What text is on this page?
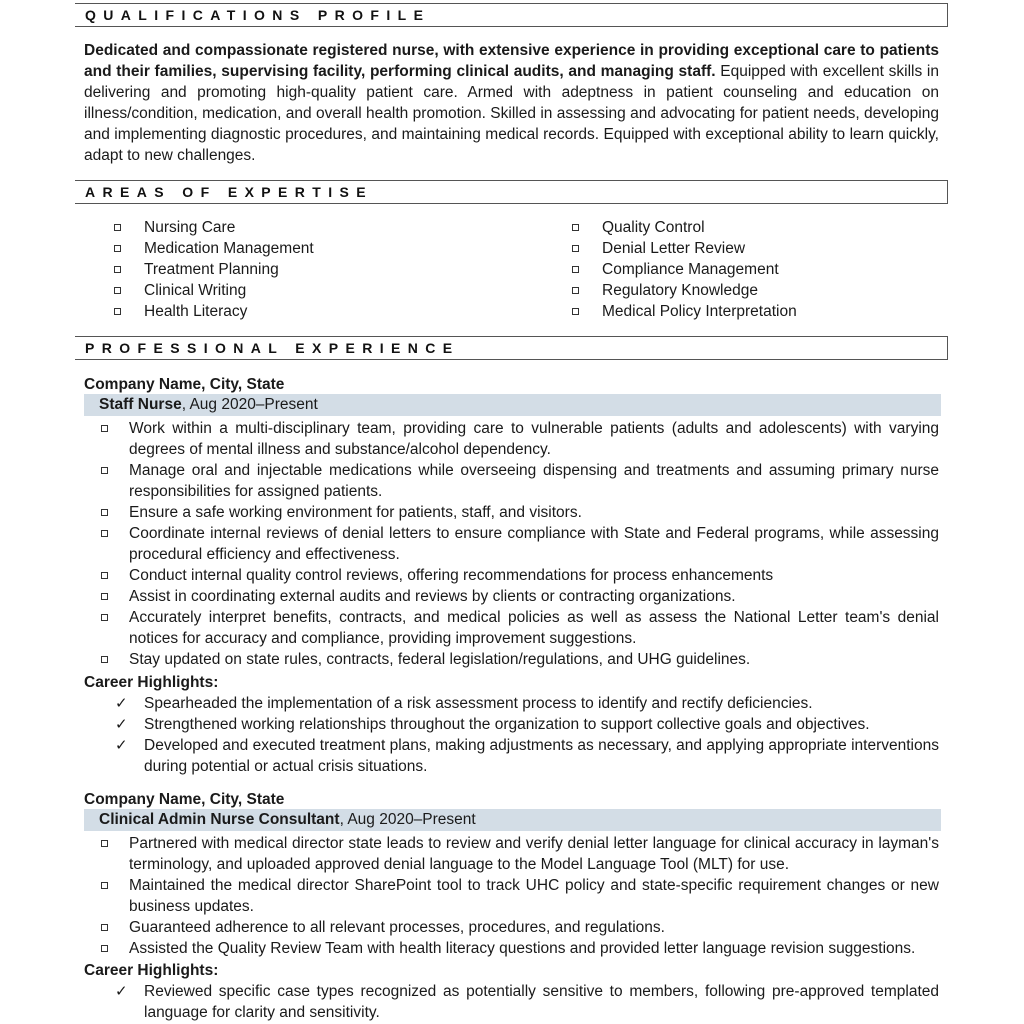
QUALIFICATIONS PROFILE
Dedicated and compassionate registered nurse, with extensive experience in providing exceptional care to patients and their families, supervising facility, performing clinical audits, and managing staff. Equipped with excellent skills in delivering and promoting high-quality patient care. Armed with adeptness in patient counseling and education on illness/condition, medication, and overall health promotion. Skilled in assessing and advocating for patient needs, developing and implementing diagnostic procedures, and maintaining medical records. Equipped with exceptional ability to learn quickly, adapt to new challenges.
AREAS OF EXPERTISE
Nursing Care
Medication Management
Treatment Planning
Clinical Writing
Health Literacy
Quality Control
Denial Letter Review
Compliance Management
Regulatory Knowledge
Medical Policy Interpretation
PROFESSIONAL EXPERIENCE
Company Name, City, State
Staff Nurse, Aug 2020–Present
Work within a multi-disciplinary team, providing care to vulnerable patients (adults and adolescents) with varying degrees of mental illness and substance/alcohol dependency.
Manage oral and injectable medications while overseeing dispensing and treatments and assuming primary nurse responsibilities for assigned patients.
Ensure a safe working environment for patients, staff, and visitors.
Coordinate internal reviews of denial letters to ensure compliance with State and Federal programs, while assessing procedural efficiency and effectiveness.
Conduct internal quality control reviews, offering recommendations for process enhancements
Assist in coordinating external audits and reviews by clients or contracting organizations.
Accurately interpret benefits, contracts, and medical policies as well as assess the National Letter team's denial notices for accuracy and compliance, providing improvement suggestions.
Stay updated on state rules, contracts, federal legislation/regulations, and UHG guidelines.
Career Highlights:
✓ Spearheaded the implementation of a risk assessment process to identify and rectify deficiencies.
✓ Strengthened working relationships throughout the organization to support collective goals and objectives.
✓ Developed and executed treatment plans, making adjustments as necessary, and applying appropriate interventions during potential or actual crisis situations.
Company Name, City, State
Clinical Admin Nurse Consultant, Aug 2020–Present
Partnered with medical director state leads to review and verify denial letter language for clinical accuracy in layman's terminology, and uploaded approved denial language to the Model Language Tool (MLT) for use.
Maintained the medical director SharePoint tool to track UHC policy and state-specific requirement changes or new business updates.
Guaranteed adherence to all relevant processes, procedures, and regulations.
Assisted the Quality Review Team with health literacy questions and provided letter language revision suggestions.
Career Highlights:
✓ Reviewed specific case types recognized as potentially sensitive to members, following pre-approved templated language for clarity and sensitivity.
